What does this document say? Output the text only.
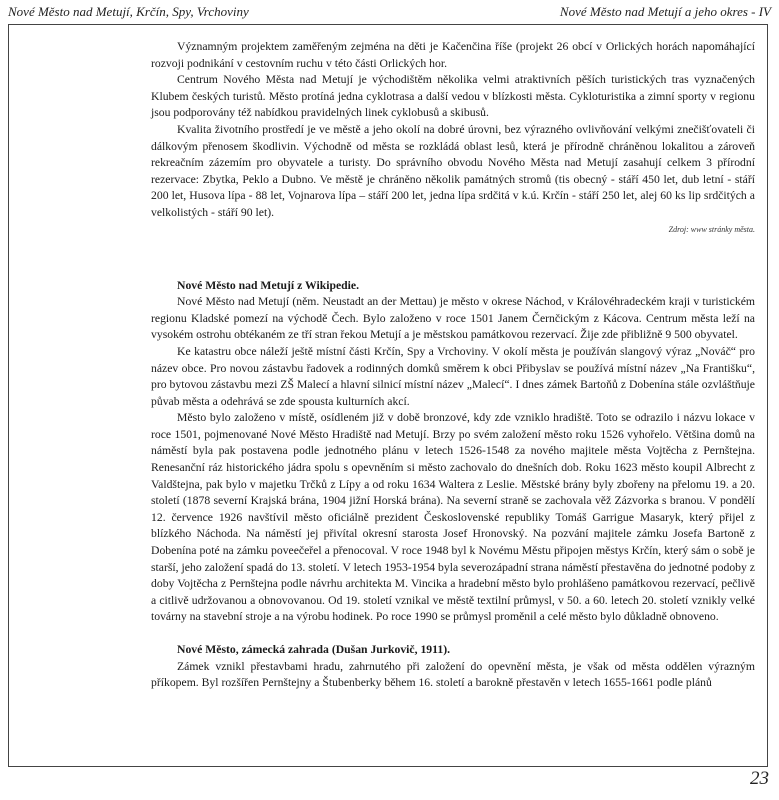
Nové Město nad Metují, Krčín, Spy, Vrchoviny	Nové Město nad Metují a jeho okres - IV

Významným projektem zaměřeným zejména na děti je Kačenčina říše (projekt 26 obcí v Orlických horách napomáhající rozvoji podnikání v cestovním ruchu v této části Orlických hor.

Centrum Nového Města nad Metují je východištěm několika velmi atraktivních pěších turistických tras vyznačených Klubem českých turistů. Město protíná jedna cyklotrasa a další vedou v blízkosti města. Cykloturistika a zimní sporty v regionu jsou podporovány též nabídkou pravidelných linek cyklobusů a skibusů.

Kvalita životního prostředí je ve městě a jeho okolí na dobré úrovni, bez výrazného ovlivňování velkými znečišťovateli či dálkovým přenosem škodlivin. Východně od města se rozkládá oblast lesů, která je přírodně chráněnou lokalitou a zároveň rekreačním zázemím pro obyvatele a turisty. Do správního obvodu Nového Města nad Metují zasahují celkem 3 přírodní rezervace: Zbytka, Peklo a Dubno. Ve městě je chráněno několik památných stromů (tis obecný - stáří 450 let, dub letní - stáří 200 let, Husova lípa - 88 let, Vojnarova lípa – stáří 200 let, jedna lípa srdčitá v k.ú. Krčín - stáří 250 let, alej 60 ks lip srdčitých a velkolistých - stáří 90 let).

Zdroj: www stránky města.

Nové Město nad Metují z Wikipedie.

Nové Město nad Metují (něm. Neustadt an der Mettau) je město v okrese Náchod, v Královéhradeckém kraji v turistickém regionu Kladské pomezí na východě Čech. Bylo založeno v roce 1501 Janem Černčickým z Kácova. Centrum města leží na vysokém ostrohu obtékaném ze tří stran řekou Metují a je městskou památkovou rezervací. Žije zde přibližně 9 500 obyvatel.

Ke katastru obce náleží ještě místní části Krčín, Spy a Vrchoviny. V okolí města je používán slangový výraz „Nováč“ pro název obce. Pro novou zástavbu řadovek a rodinných domků směrem k obci Přibyslav se používá místní název „Na Františku“, pro bytovou zástavbu mezi ZŠ Malecí a hlavní silnicí místní název „Malecí“. I dnes zámek Bartoňů z Dobenína stále ozvláštňuje půvab města a odehrává se zde spousta kulturních akcí.

Město bylo založeno v místě, osídleném již v době bronzové, kdy zde vzniklo hradiště. Toto se odrazilo i názvu lokace v roce 1501, pojmenované Nové Město Hradiště nad Metují. Brzy po svém založení město roku 1526 vyhořelo. Většina domů na náměstí byla pak postavena podle jednotného plánu v letech 1526-1548 za nového majitele města Vojtěcha z Pernštejna. Renesanční ráz historického jádra spolu s opevněním si město zachovalo do dnešních dob. Roku 1623 město koupil Albrecht z Valdštejna, pak bylo v majetku Trčků z Lípy a od roku 1634 Waltera z Leslie. Městské brány byly zbořeny na přelomu 19. a 20. století (1878 severní Krajská brána, 1904 jižní Horská brána). Na severní straně se zachovala věž Zázvorka s branou. V pondělí 12. července 1926 navštívil město oficiálně prezident Československé republiky Tomáš Garrigue Masaryk, který přijel z blízkého Náchoda. Na náměstí jej přivítal okresní starosta Josef Hronovský. Na pozvání majitele zámku Josefa Bartoně z Dobenína poté na zámku poveečeřel a přenocoval. V roce 1948 byl k Novému Městu připojen městys Krčín, který sám o sobě je starší, jeho založení spadá do 13. století. V letech 1953-1954 byla severozápadní strana náměstí přestavěna do jednotné podoby z doby Vojtěcha z Pernštejna podle návrhu architekta M. Vincika a hradební město bylo prohlášeno památkovou rezervací, pečlivě a citlivě udržovanou a obnovovanou. Od 19. století vznikal ve městě textilní průmysl, v 50. a 60. letech 20. století vznikly velké továrny na stavební stroje a na výrobu hodinek. Po roce 1990 se průmysl proměnil a celé město bylo důkladně obnoveno.

Nové Město, zámecká zahrada (Dušan Jurkovič, 1911).

Zámek vznikl přestavbami hradu, zahrnutého při založení do opevnění města, je však od města oddělen výrazným příkopem. Byl rozšířen Pernštejny a Štubenberky během 16. století a barokně přestavěn v letech 1655-1661 podle plánů

23
